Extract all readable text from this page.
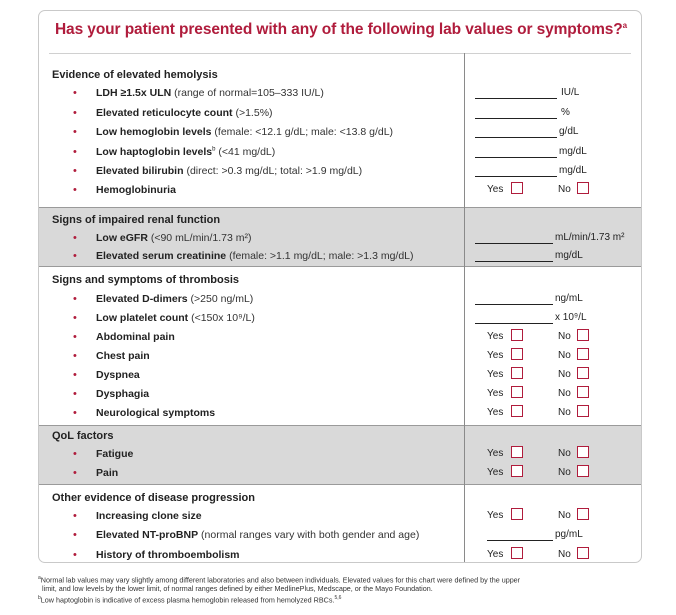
Has your patient presented with any of the following lab values or symptoms?$^a$
Evidence of elevated hemolysis
• LDH ≥1.5x ULN (range of normal=105–333 IU/L)	IU/L
• Elevated reticulocyte count (>1.5%)	%
• Low hemoglobin levels (female: <12.1 g/dL; male: <13.8 g/dL)	g/dL
• Low haptoglobin levels$^b$ (<41 mg/dL)	mg/dL
• Elevated bilirubin (direct: >0.3 mg/dL; total: >1.9 mg/dL)	mg/dL
• Hemoglobinuria	Yes	No
Signs of impaired renal function
• Low eGFR (<90 mL/min/1.73 m²)	mL/min/1.73 m²
• Elevated serum creatinine (female: >1.1 mg/dL; male: >1.3 mg/dL)	mg/dL
Signs and symptoms of thrombosis
• Elevated D-dimers (>250 ng/mL)	ng/mL
• Low platelet count (<150x 10⁹/L)	x 10⁹/L
• Abdominal pain	Yes	No
• Chest pain	Yes	No
• Dyspnea	Yes	No
• Dysphagia	Yes	No
• Neurological symptoms	Yes	No
QoL factors
• Fatigue	Yes	No
• Pain	Yes	No
Other evidence of disease progression
• Increasing clone size	Yes	No
• Elevated NT-proBNP (normal ranges vary with both gender and age)	pg/mL
• History of thromboembolism	Yes	No
$^a$Normal lab values may vary slightly among different laboratories and also between individuals. Elevated values for this chart were defined by the upper
limit, and low levels by the lower limit, of normal ranges defined by either MedlinePlus, Medscape, or the Mayo Foundation.
$^b$Low haptoglobin is indicative of excess plasma hemoglobin released from hemolyzed RBCs.$^{5,6}$
